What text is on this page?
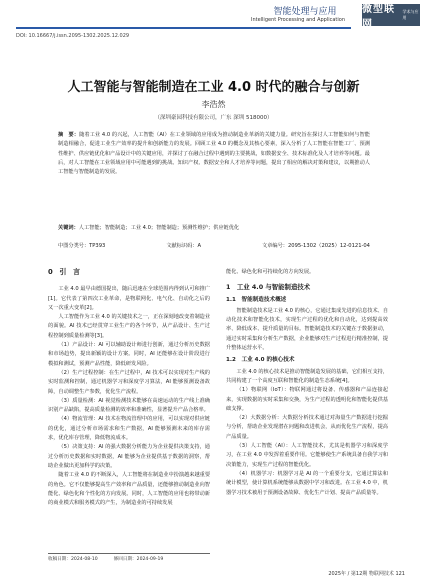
智能处理与应用
Intelligent Processing and Application
微型联网
学术与应用
DOI: 10.16667/j.issn.2095-1302.2025.12.029
人工智能与智能制造在工业 4.0 时代的融合与创新
李浩然
（深圳豪园科技有限公司，广东 深圳 518000）
摘　要：随着工业 4.0 的兴起，人工智能（AI）在工业领域的应用成为推动制造业革新的关键力量。研究旨在探讨人工智能如何与智能制造相融合，促进工业生产效率的提升和创新能力的发展。回顾工业 4.0 的概念及其核心要素，深入分析了人工智能在智能工厂、预测性维护、供应链优化和产品设计中的关键应用，并探讨了在融合过程中遇到的主要挑战，如数据安全、技术标准化及人才培养等问题。最后，对人工智能在工业领域应用中可能遇到的挑战、知识产权、数据安全和人才培养等问题，提出了相应的解决对策和建议，以期推动人工智能与智能制造的发展。
关键词：人工智能；智能制造；工业 4.0；智能制造；预测性维护；供应链优化
中图分类号：TP393	文献标识码：A	文章编号：2095-1302（2025）12-0121-04
0　引　言

工业 4.0 最早由德国提出，随后迅速在全球范围内得到认可和推广[1]。它代表了第四次工业革命，是物联网化、电气化、自动化之后的又一次重大变革[2]。

人工智能作为工业 4.0 的关键技术之一，正在深刻地改变着制造业的面貌。AI 技术已经贯穿工业生产的各个环节，从产品设计、生产过程控制到质量检测等[3]。

（1）产品设计：AI 可以辅助设计师进行创新，通过分析历史数据和市场趋势，提出新颖的设计方案。同时，AI 还能够在设计阶段进行模拟和测试，预测产品性能，降低研发风险。

（2）生产过程控制：在生产过程中，AI 技术可以实现对生产线的实时监测和控制，通过机器学习和深度学习算法，AI 能够预测设备故障，自动调整生产参数，优化生产流程。

（3）质量检测：AI 视觉检测技术能够在高速运动的生产线上准确识别产品缺陷，提高质量检测的效率和准确性，显著提升产品合格率。

（4）物流管理：AI 技术在物流管理中的应用，可以实现对供应链的优化，通过分析市场需求和生产数据，AI 能够预测未来的库存需求，优化库存管理，降低物流成本。

（5）决策支持：AI 的强大数据分析能力为企业提供决策支持，通过分析历史数据和实时数据，AI 能够为企业提供基于数据的洞察，帮助企业做出更加科学的决策。

随着工业 4.0 的不断深入，人工智能将在制造业中扮演越来越重要的角色。它不仅能够提高生产效率和产品质量，还能够推动制造业向智能化、绿色化和个性化的方向发展。同时，人工智能的应用也将带动新的商业模式和服务模式的产生，为制造业的可持续发展

能化、绿色化和可持续化的方向发展。

1　工业 4.0 与智能制造技术
1.1　智能制造技术概述

智能制造技术是工业 4.0 的核心，它通过集成先进的信息技术、自动化技术和智能化技术，实现生产过程的优化和自动化，达到提高效率、降低成本、提升质量的目标。智能制造技术的关键在于数据驱动，通过实时采集和分析生产数据，企业能够对生产过程进行精准控制，提升整体运营水平。

1.2　工业 4.0 的核心技术

工业 4.0 的核心技术是推动智能制造发展的基础，它们相互支持，共同构建了一个高度互联和智能化的制造生态系统[4]。

（1）物联网（IoT）：物联网通过将设备、传感器和产品连接起来，实现数据的实时采集和交换，为生产过程的透明化和智能化提供基础支撑。

（2）大数据分析：大数据分析技术通过对海量生产数据进行挖掘与分析，帮助企业发现潜在问题和改进机会，从而优化生产流程，提高产品质量。

（3）人工智能（AI）：人工智能技术，尤其是机器学习和深度学习，在工业 4.0 中发挥着重要作用。它能够使生产系统具备自我学习和决策能力，实现生产过程的智能优化。

（4）机器学习：机器学习是 AI 的一个重要分支，它通过算法和统计模型，使计算机系统能够从数据中学习和改进。在工业 4.0 中，机器学习技术被用于预测设备故障、优化生产计划、提高产品质量等。

收稿日期：2024-08-10	修回日期：2024-09-19
2025年 / 第12期 物联网技术 121
